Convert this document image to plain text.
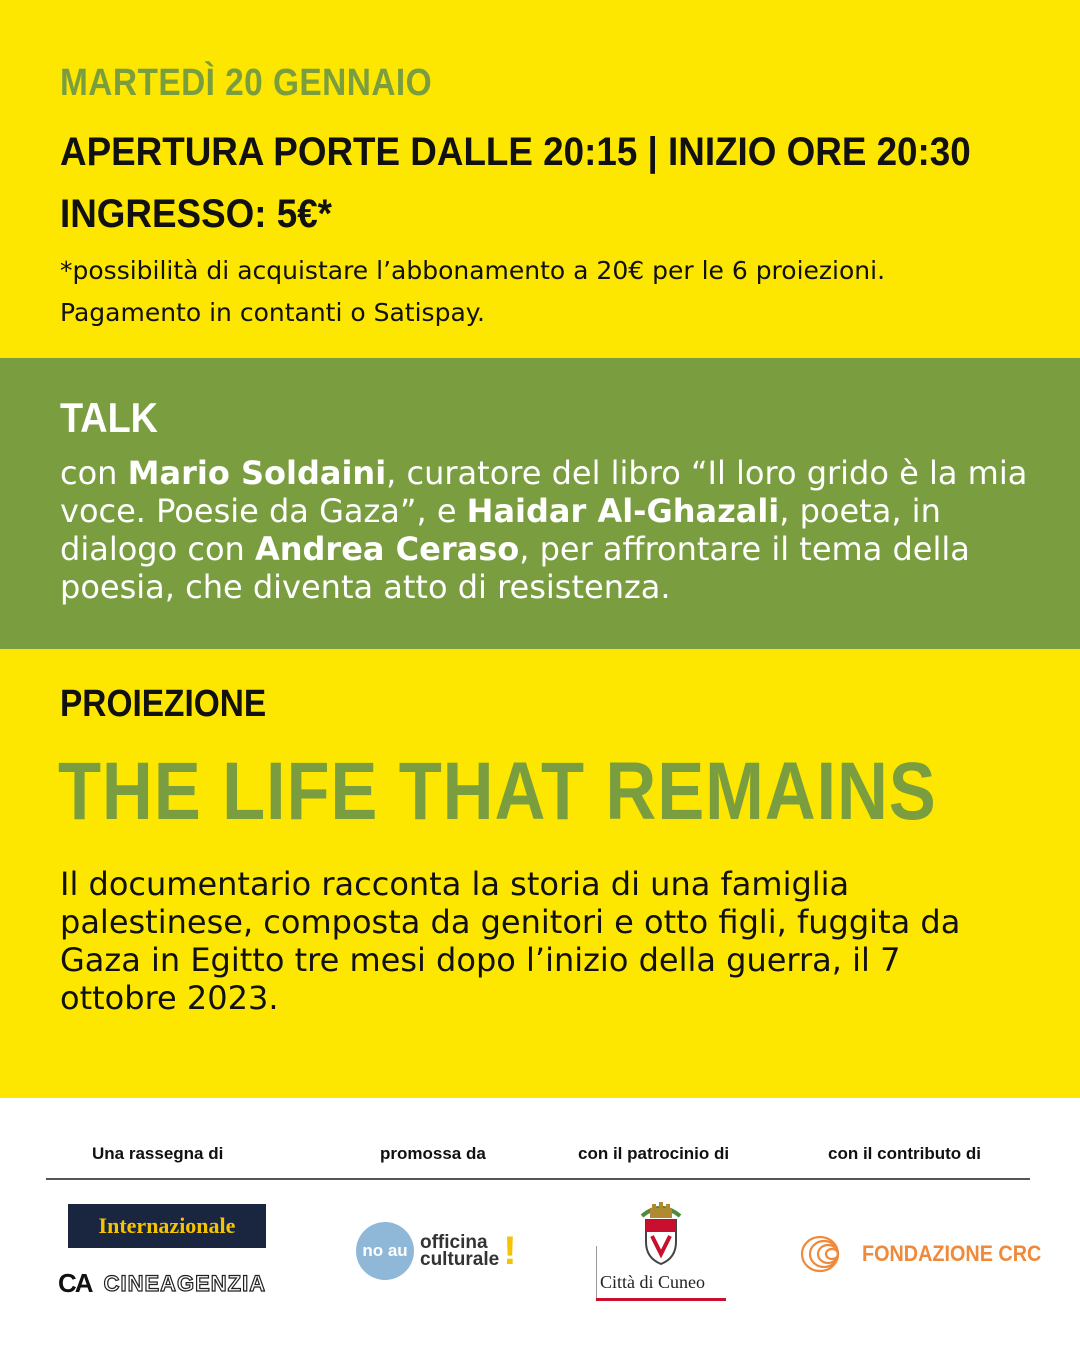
MARTEDÌ 20 GENNAIO
APERTURA PORTE DALLE 20:15 | INIZIO ORE 20:30
INGRESSO: 5€*
*possibilità di acquistare l’abbonamento a 20€ per le 6 proiezioni.
Pagamento in contanti o Satispay.
TALK
con Mario Soldaini, curatore del libro “Il loro grido è la mia voce. Poesie da Gaza”, e Haidar Al-Ghazali, poeta, in dialogo con Andrea Ceraso, per affrontare il tema della poesia, che diventa atto di resistenza.
PROIEZIONE
THE LIFE THAT REMAINS
Il documentario racconta la storia di una famiglia palestinese, composta da genitori e otto figli, fuggita da Gaza in Egitto tre mesi dopo l’inizio della guerra, il 7 ottobre 2023.
Una rassegna di	promossa da	con il patrocinio di	con il contributo di
Internazionale
CA CINEAGENZIA
no au officina
culturale !
Città di Cuneo
FONDAZIONE CRC
